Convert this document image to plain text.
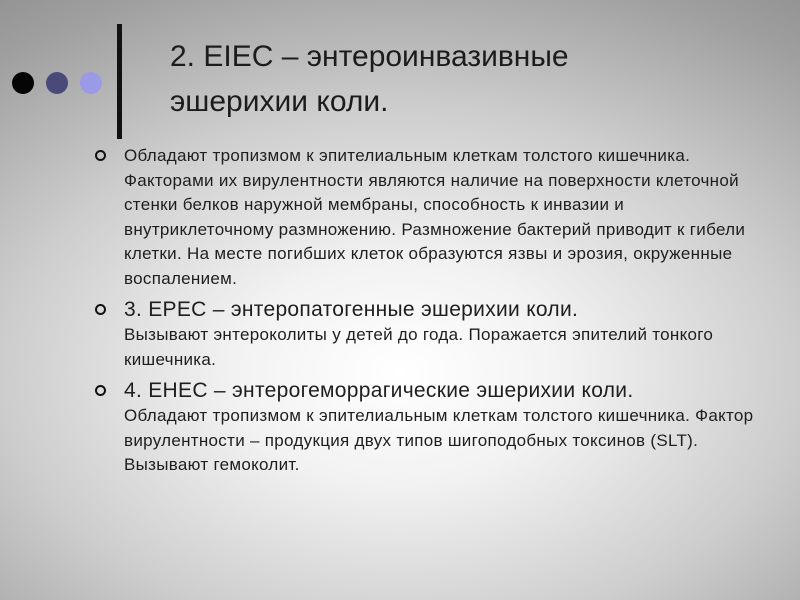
2. EIEC – энтероинвазивные
эшерихии коли.
Обладают тропизмом к эпителиальным клеткам толстого кишечника. Факторами их вирулентности являются наличие на поверхности клеточной стенки белков наружной мембраны, способность к инвазии и внутриклеточному размножению. Размножение бактерий приводит к гибели клетки. На месте погибших клеток образуются язвы и эрозия, окруженные воспалением.
3. EPEC – энтеропатогенные эшерихии коли.
Вызывают энтероколиты у детей до года. Поражается эпителий тонкого кишечника.
4. EHEC – энтерогеморрагические эшерихии коли.
Обладают тропизмом к эпителиальным клеткам толстого кишечника. Фактор вирулентности – продукция двух типов шигоподобных токсинов (SLT). Вызывают гемоколит.
